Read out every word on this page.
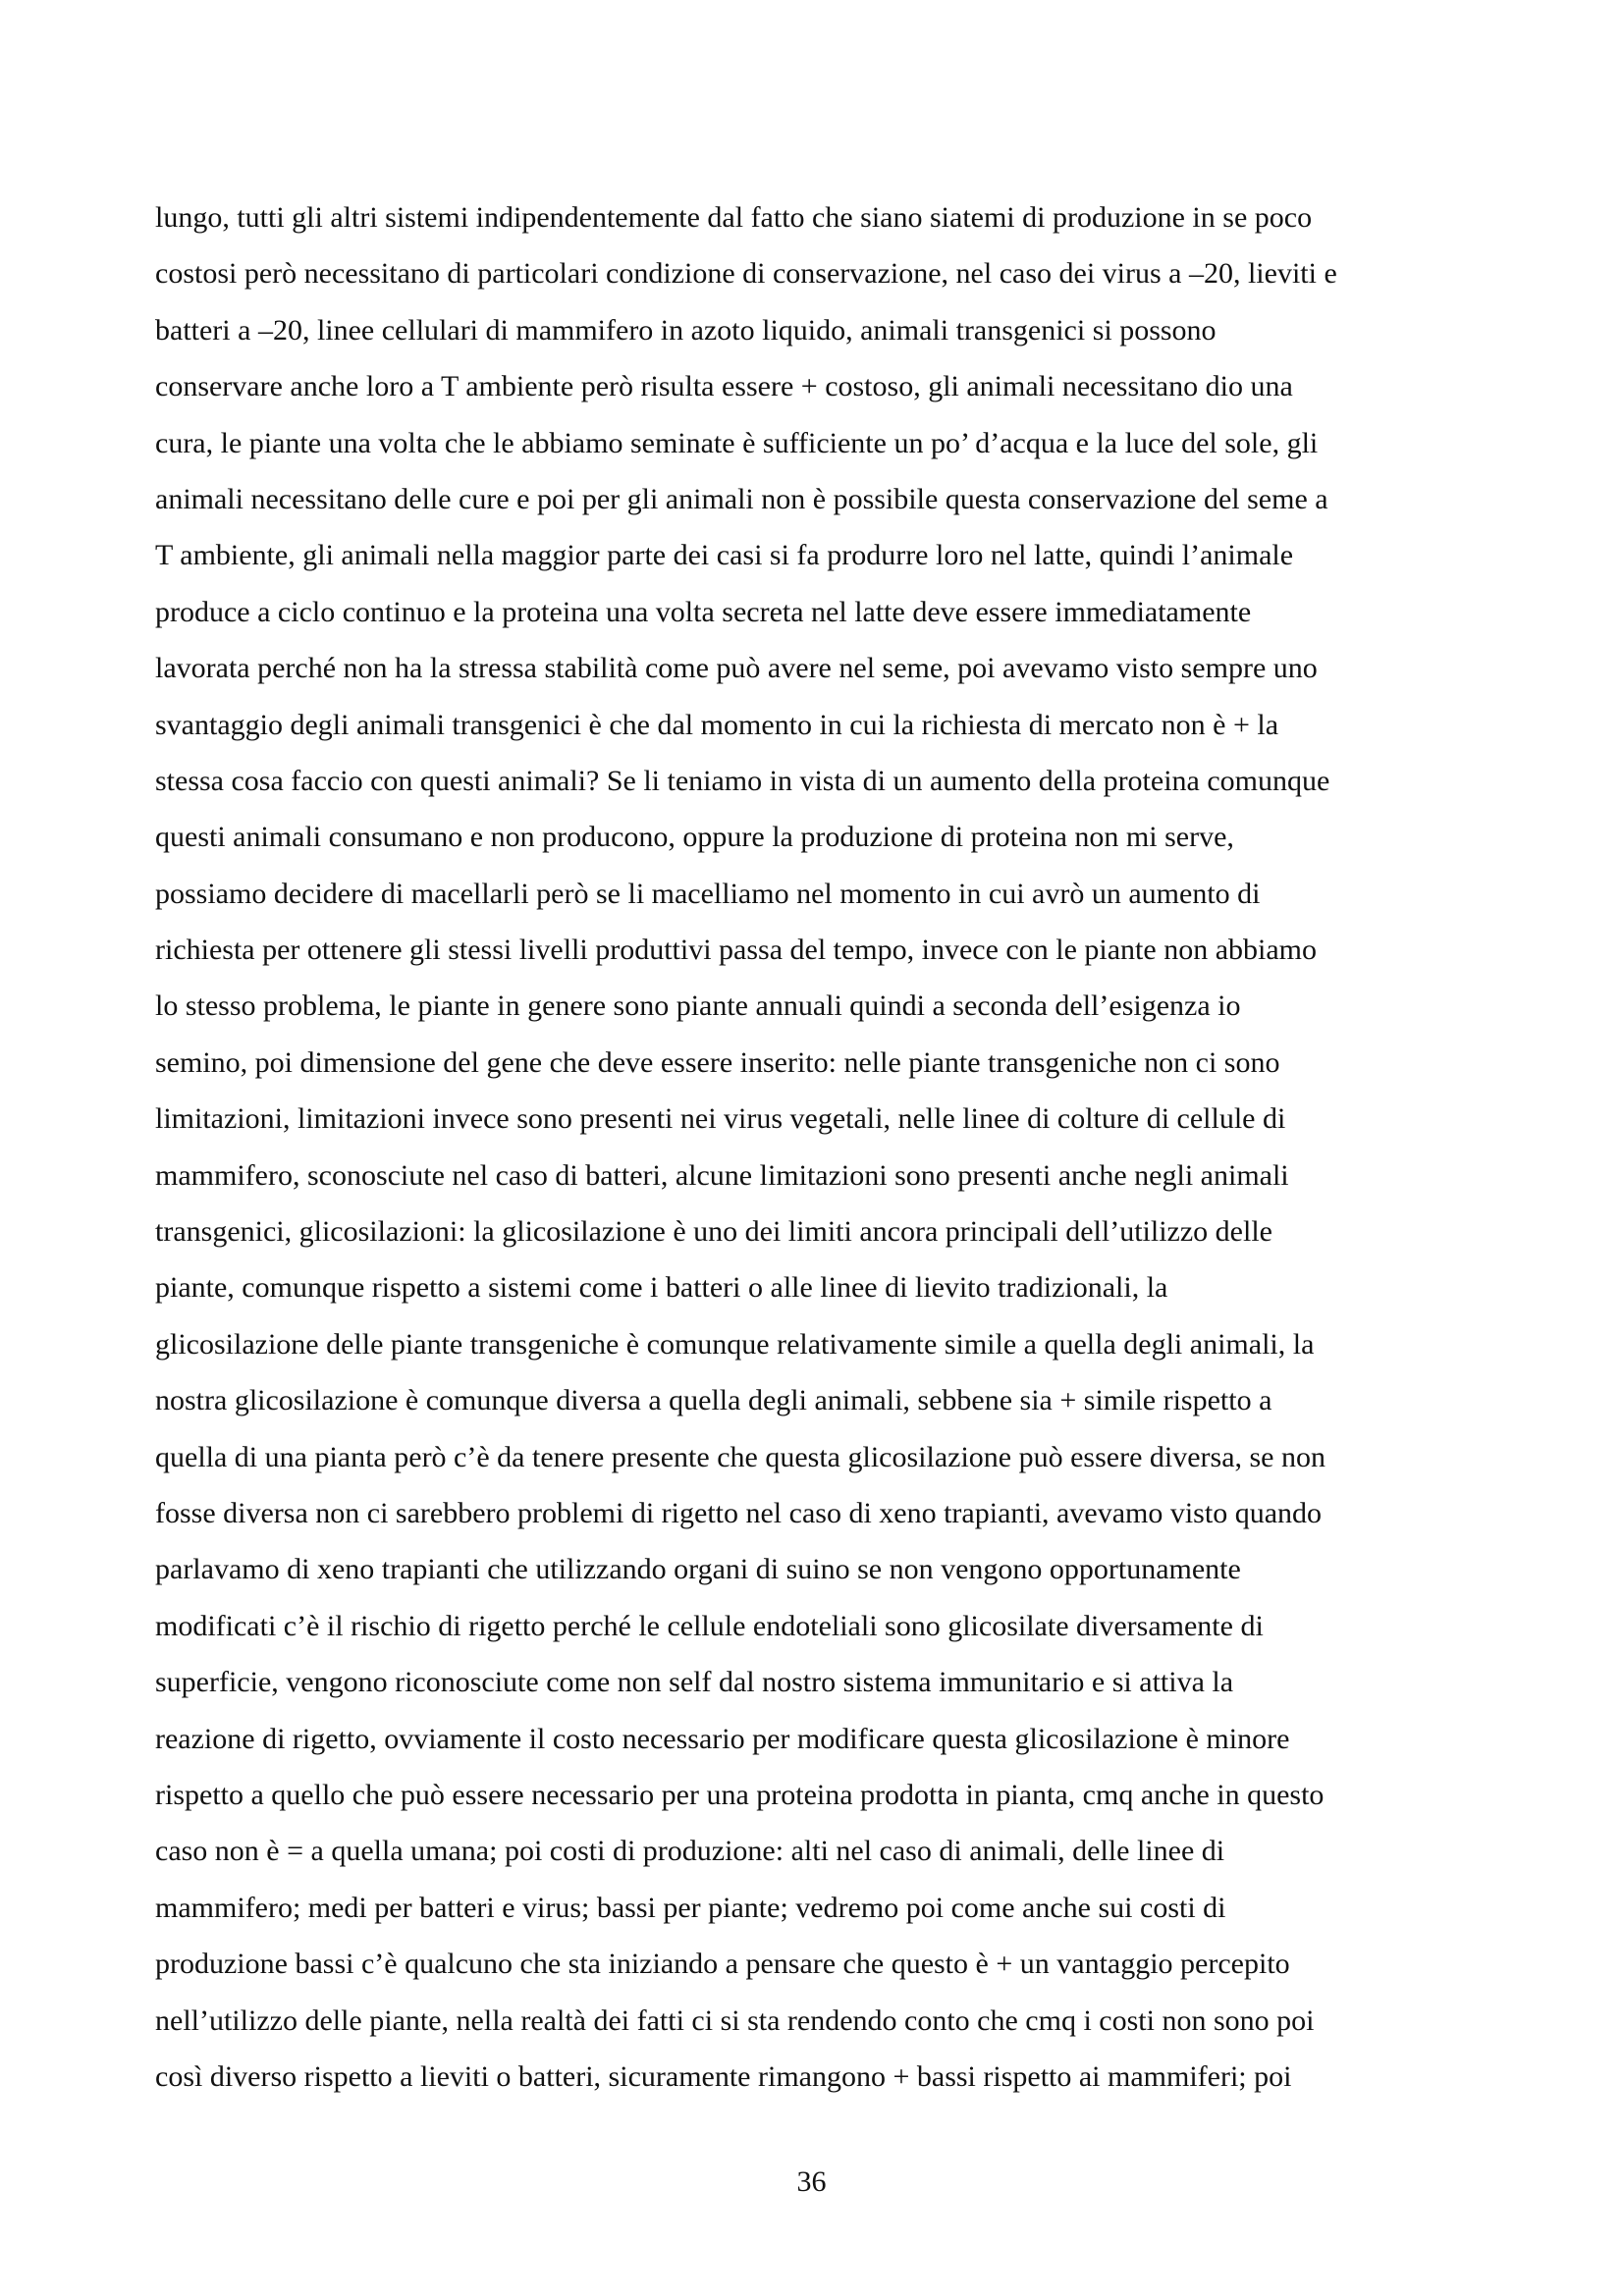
lungo, tutti gli altri sistemi indipendentemente dal fatto che siano siatemi di produzione in se poco
costosi però necessitano di particolari condizione di conservazione, nel caso dei virus a –20, lieviti e
batteri a –20, linee cellulari di mammifero in azoto liquido, animali transgenici si possono
conservare anche loro a T ambiente però risulta essere + costoso, gli animali necessitano dio una
cura, le piante una volta che le abbiamo seminate è sufficiente un po’ d’acqua e la luce del sole, gli
animali necessitano delle cure e poi per gli animali non è possibile questa conservazione del seme a
T ambiente, gli animali nella maggior parte dei casi si fa produrre loro nel latte, quindi l’animale
produce a ciclo continuo e la proteina una volta secreta nel latte deve essere immediatamente
lavorata perché non ha la stressa stabilità come può avere nel seme, poi avevamo visto sempre uno
svantaggio degli animali transgenici è che dal momento in cui la richiesta di mercato non è + la
stessa cosa faccio con questi animali? Se li teniamo in vista di un aumento della proteina comunque
questi animali consumano e non producono, oppure la produzione di proteina non mi serve,
possiamo decidere di macellarli però se li macelliamo nel momento in cui avrò un aumento di
richiesta per ottenere gli stessi livelli produttivi passa del tempo, invece con le piante non abbiamo
lo stesso problema, le piante in genere sono piante annuali quindi a seconda dell’esigenza io
semino, poi dimensione del gene che deve essere inserito: nelle piante transgeniche non ci sono
limitazioni, limitazioni invece sono presenti nei virus vegetali, nelle linee di colture di cellule di
mammifero, sconosciute nel caso di batteri, alcune limitazioni sono presenti anche negli animali
transgenici, glicosilazioni: la glicosilazione è uno dei limiti ancora principali dell’utilizzo delle
piante, comunque rispetto a sistemi come i batteri o alle linee di lievito tradizionali, la
glicosilazione delle piante transgeniche è comunque relativamente simile a quella degli animali, la
nostra glicosilazione è comunque diversa a quella degli animali, sebbene sia + simile rispetto a
quella di una pianta però c’è da tenere presente che questa glicosilazione può essere diversa, se non
fosse diversa non ci sarebbero problemi di rigetto nel caso di xeno trapianti, avevamo visto quando
parlavamo di xeno trapianti che utilizzando organi di suino se non vengono opportunamente
modificati c’è il rischio di rigetto perché le cellule endoteliali sono glicosilate diversamente di
superficie, vengono riconosciute come non self dal nostro sistema immunitario e si attiva la
reazione di rigetto, ovviamente il costo necessario per modificare questa glicosilazione è minore
rispetto a quello che può essere necessario per una proteina prodotta in pianta, cmq anche in questo
caso non è = a quella umana; poi costi di produzione: alti nel caso di animali, delle linee di
mammifero; medi per batteri e virus; bassi per piante; vedremo poi come anche sui costi di
produzione bassi c’è qualcuno che sta iniziando a pensare che questo è + un vantaggio percepito
nell’utilizzo delle piante, nella realtà dei fatti ci si sta rendendo conto che cmq i costi non sono poi
così diverso rispetto a lieviti o batteri, sicuramente rimangono + bassi rispetto ai mammiferi; poi
36
